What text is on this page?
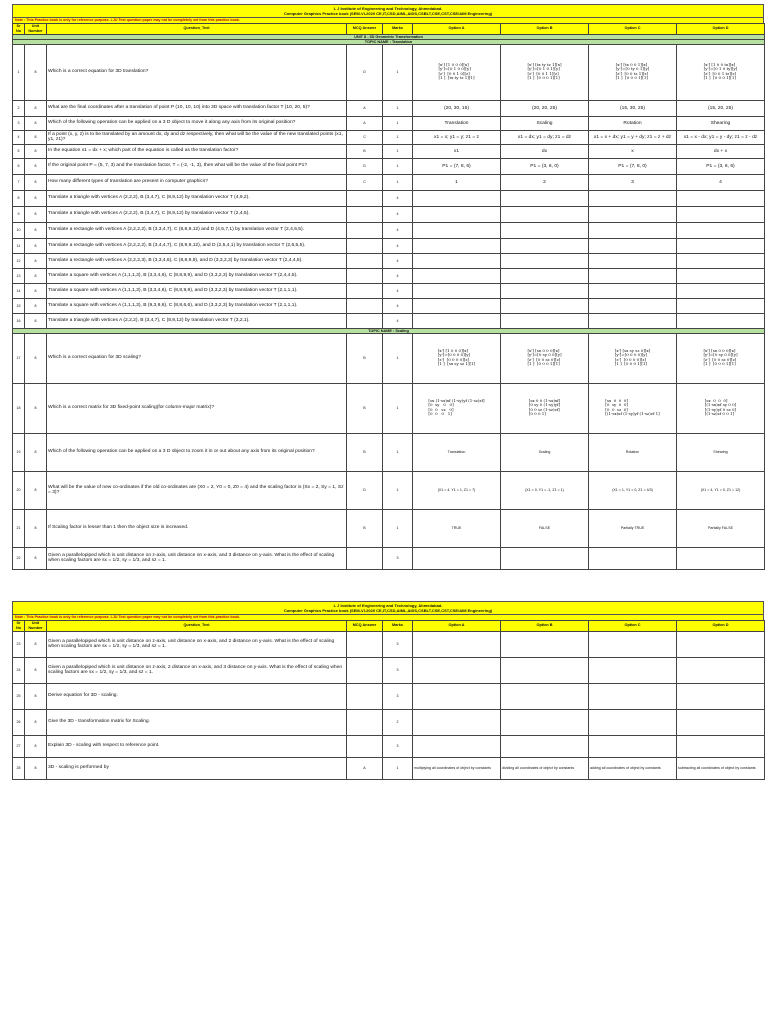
L J Institute of Engineering and Technology, Ahmedabad.
Computer Graphics Practice book (SEM-VI-2020 CE,IT,CSD,AIML,AIDS,CSBLT,CSE,CST,CSE/AIM Engineering)
Note : This Practice book is only for reference purpose. LJU Test question paper may not be completely set from this practice book.
Sr No	Unit Number	Question_Text	MCQ Answer	Marks	Option A	Option B	Option C	Option D
UNIT 8 - 3D Geometric Transformation								
TOPIC NAME : Translation								
1	8	Which is a correct equation for 3D translation?	D	1	[x'] [1 0 0 0][x]
[y']=[0 1 0 0][y]
[z']  [0 0 1 0][z]
[1 ]  [tx ty tz 1][1]	[x'] [tx ty tz 1][x]
[y']=[0 1 0 1][y]
[z']  [0 0 1 1][z]
[1 ]  [0 0 0 1][1]	[x'] [tx 0 0 1][x]
[y']=[0 ty 0 1][y]
[z']  [0 0 tz 1][z]
[1 ]  [0 0 0 1][1]	[x'] [1 0 0 tx][x]
[y']=[0 1 0 ty][y]
[z']  [0 0 1 tz][z]
[1 ]  [0 0 0 1][1]
2	8	What are the final coordinates after a translation of point P (10, 10, 10) into 3D space with translation factor T (10, 20, 5)?	A	1	(20, 30, 15)	(20, 20, 25)	(15, 30, 25)	(15, 20, 25)
3	8	Which of the following operation can be applied on a 3 D object to move it along any axis from its original position?	A	1	Translation	Scaling	Rotation	Shearing
4	8	If a point (x, y, z) is to be translated by an amount dx, dy and dz respectively, then what will be the value of the new translated points (x1, y1, z1)?	C	1	x1 = x; y1 = y; z1 = z	x1 = dx; y1 = dy; z1 = dz	x1 = x + dx; y1 = y + dy; z1 = z + dz	x1 = x - dx; y1 = y - dy; z1 = z - dz
5	8	In the equation x1 = dx + x; which part of the equation is called as the translation factor?	B	1	x1	dx	x	dx + x
6	8	If the original point P = (5, 7, 3) and the translation factor, T = (-2, -1, 3), then what will be the value of the final point P1?	D	1	P1 = (7, 8, 6)	P1 = (3, 6, 0)	P1 = (7, 8, 0)	P1 = (3, 6, 6)
7	8	How many different types of translation are present in computer graphics?	C	1	1	2	3	4
8	8	Translate a triangle with vertices A (2,2,2), B (3,4,7), C (8,9,12) by translation vector T (4,9,2).		4				
9	8	Translate a triangle with vertices A (2,2,2), B (3,4,7), C (8,9,12) by translation vector T (2,4,5).		4				
10	8	Translate a rectangle with vertices A (2,2,2,2), B (3,3,4,7), C (8,8,9,12) and D (4,5,7,1) by translation vector T (2,4,5,5).		4				
11	8	Translate a rectangle with vertices A (2,2,2,2), B (3,4,4,7), C (8,9,9,12), and D (2,5,4,1) by translation vector T (2,6,5,5).		4				
12	8	Translate a rectangle with vertices A (2,2,2,3), B (3,3,4,6), C (8,8,9,9), and D (3,3,2,3) by translation vector T (2,4,4,5).		4				
13	8	Translate a square with vertices A (1,1,1,3), B (3,3,4,6), C (8,8,9,9), and D (3,3,2,3) by translation vector T (2,4,4,5).		4				
14	8	Translate a square with vertices A (1,1,1,3), B (3,3,4,6), C (8,8,9,9), and D (3,3,2,3) by translation vector T (2,1,1,1).		4				
15	8	Translate a square with vertices A (1,1,1,3), B (9,3,9,6), C (8,8,6,6), and D (3,3,2,3) by translation vector T (2,1,1,1).		4				
16	8	Translate a triangle with vertices A (2,2,2), B (3,4,7), C (8,9,12) by translation vector T (3,2,1).		4				
TOPIC NAME : Scaling								
17	8	Which is a correct equation for 3D scaling?	B	1	[x'] [1 0 0 0][x]
[y']=[0 0 0 0][y]
[z']  [0 0 0 0][z]
[1 ]  [sx sy sz 1][1]	[x'] [sx 0 0 0][x]
[y']=[0 sy 0 0][y]
[z']  [0 0 sz 0][z]
[1 ]  [0 0 0 1][1]	[x'] [sx sy sz 0][x]
[y']=[0 0 0 0][y]
[z']  [0 0 0 0][z]
[1 ]  [0 0 0 1][1]	[x'] [sx 0 0 0][x]
[y']=[0 sy 0 0][y]
[z']  [0 0 sz 0][z]
[1 ]  [0 0 0 1][1]
18	8	Which is a correct matrix for 3D fixed-point scaling(for column-major matrix)?	B	1	[sx (1-sx)xf (1-sy)yf (1-sz)zf]
[0  sy   0   0]
[0  0   sz   0]
[0  0   0   1]	[sx 0 0 (1-sx)xf]
[0 sy 0 (1-sy)yf]
[0 0 sz (1-sz)zf]
[0 0 0 1]	[sx  0  0  0]
[0  sy  0  0]
[0  0  sz  0]
[(1-sx)xf (1-sy)yf (1-sz)zf 1]	[sx  0  0  0]
[(1-sx)xf sy 0 0]
[(1-sy)yf 0 sz 0]
[(1-sz)zf 0 0 1]
19	8	Which of the following operation can be applied on a 3 D object to zoom it in or out about any axis from its original position?	B	1	Translation	Scaling	Rotation	Shearing
20	8	What will be the value of new co-ordinates if the old co-ordinates are (X0 = 2, Y0 = 0, Z0 = 4) and the scaling factor is (Sx = 2, Sy = 1, Sz = 3)?	D	1	(X1 = 4, Y1 = 1, Z1 = 7)	(X1 = 0, Y1 = -1, Z1 = 1)	(X1 = 1, Y1 = 0, Z1 = 4/3)	(X1 = 4, Y1 = 0, Z1 = 12)
21	8	If Scaling factor is lesser than 1 then the object size is increased.	B	1	TRUE	FALSE	Partially TRUE	Partially FALSE
22	8	Given a parallelopiped which is unit distance on z-axis, unit distance on x-axis, and 3 distance on y-axis. What is the effect of scaling when scaling factors are sx = 1/2, sy = 1/3, and sz = 1.		3				
L J Institute of Engineering and Technology, Ahmedabad.
Computer Graphics Practice book (SEM-VI-2020 CE,IT,CSD,AIML,AIDS,CSBLT,CSE,CST,CSE/AIM Engineering)
Note : This Practice book is only for reference purpose. LJU Test question paper may not be completely set from this practice book.
Sr No	Unit Number	Question_Text	MCQ Answer	Marks	Option A	Option B	Option C	Option D
23	8	Given a parallelopiped which is unit distance on z-axis, unit distance on x-axis, and 2 distance on y-axis. What is the effect of scaling when scaling factors are sx = 1/2, sy = 1/3, and sz = 1.		3				
24	8	Given a parallelopiped which is unit distance on z-axis, 2 distance on x-axis, and 3 distance on y-axis. What is the effect of scaling when scaling factors are sx = 1/2, sy = 1/3, and sz = 1.		3				
25	8	Derive equation for 3D - scaling.		3				
26	8	Give the 3D - transformation matrix for Scaling.		2				
27	8	Explain 3D - scaling with respect to reference point.		3				
28	8	3D - scaling is performed by	A	1	multiplying all coordinates of object by constants	dividing all coordinates of object by constants	adding all coordinates of object by constants	subtracting all coordinates of object by constants
